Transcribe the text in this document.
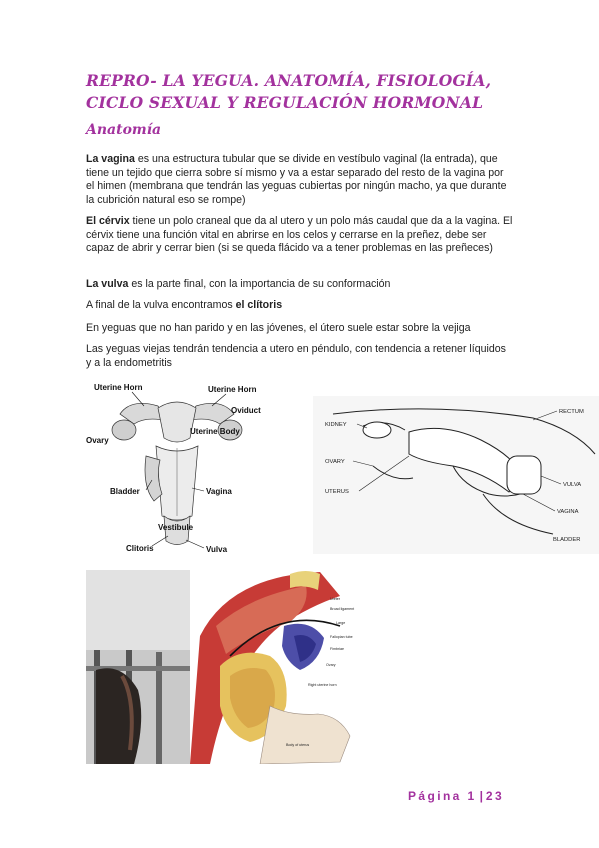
REPRO- LA YEGUA. ANATOMÍA, FISIOLOGÍA, CICLO SEXUAL Y REGULACIÓN HORMONAL
Anatomía
La vagina es una estructura tubular que se divide en vestíbulo vaginal (la entrada), que tiene un tejido que cierra sobre sí mismo y va a estar separado del resto de la vagina por el himen (membrana que tendrán las yeguas cubiertas por ningún macho, ya que durante la cubrición natural eso se rompe)
El cérvix tiene un polo craneal que da al utero y un polo más caudal que da a la vagina. El cérvix tiene una función vital en abrirse en los celos y cerrarse en la preñez, debe ser capaz de abrir y cerrar bien (si se queda flácido va a tener problemas en las preñeces)
La vulva es la parte final, con la importancia de su conformación
A final de la vulva encontramos el clítoris
En yeguas que no han parido y en las jóvenes, el útero suele estar sobre la vejiga
Las yeguas viejas tendrán tendencia a utero en péndulo, con tendencia a retener líquidos y a la endometritis
Uterine Horn	Uterine Horn
Oviduct
Uterine Body
Ovary
Bladder	Vagina
Vestibule
Clitoris	Vulva
RECTUM
KIDNEY
OVARY
UTERUS
VULVA
VAGINA
BLADDER
Ureter
Broad ligament
Large
Fallopian tube
Fimbriae
Ovary
Right uterine horn
Body of uterus
Página 1 | 23
